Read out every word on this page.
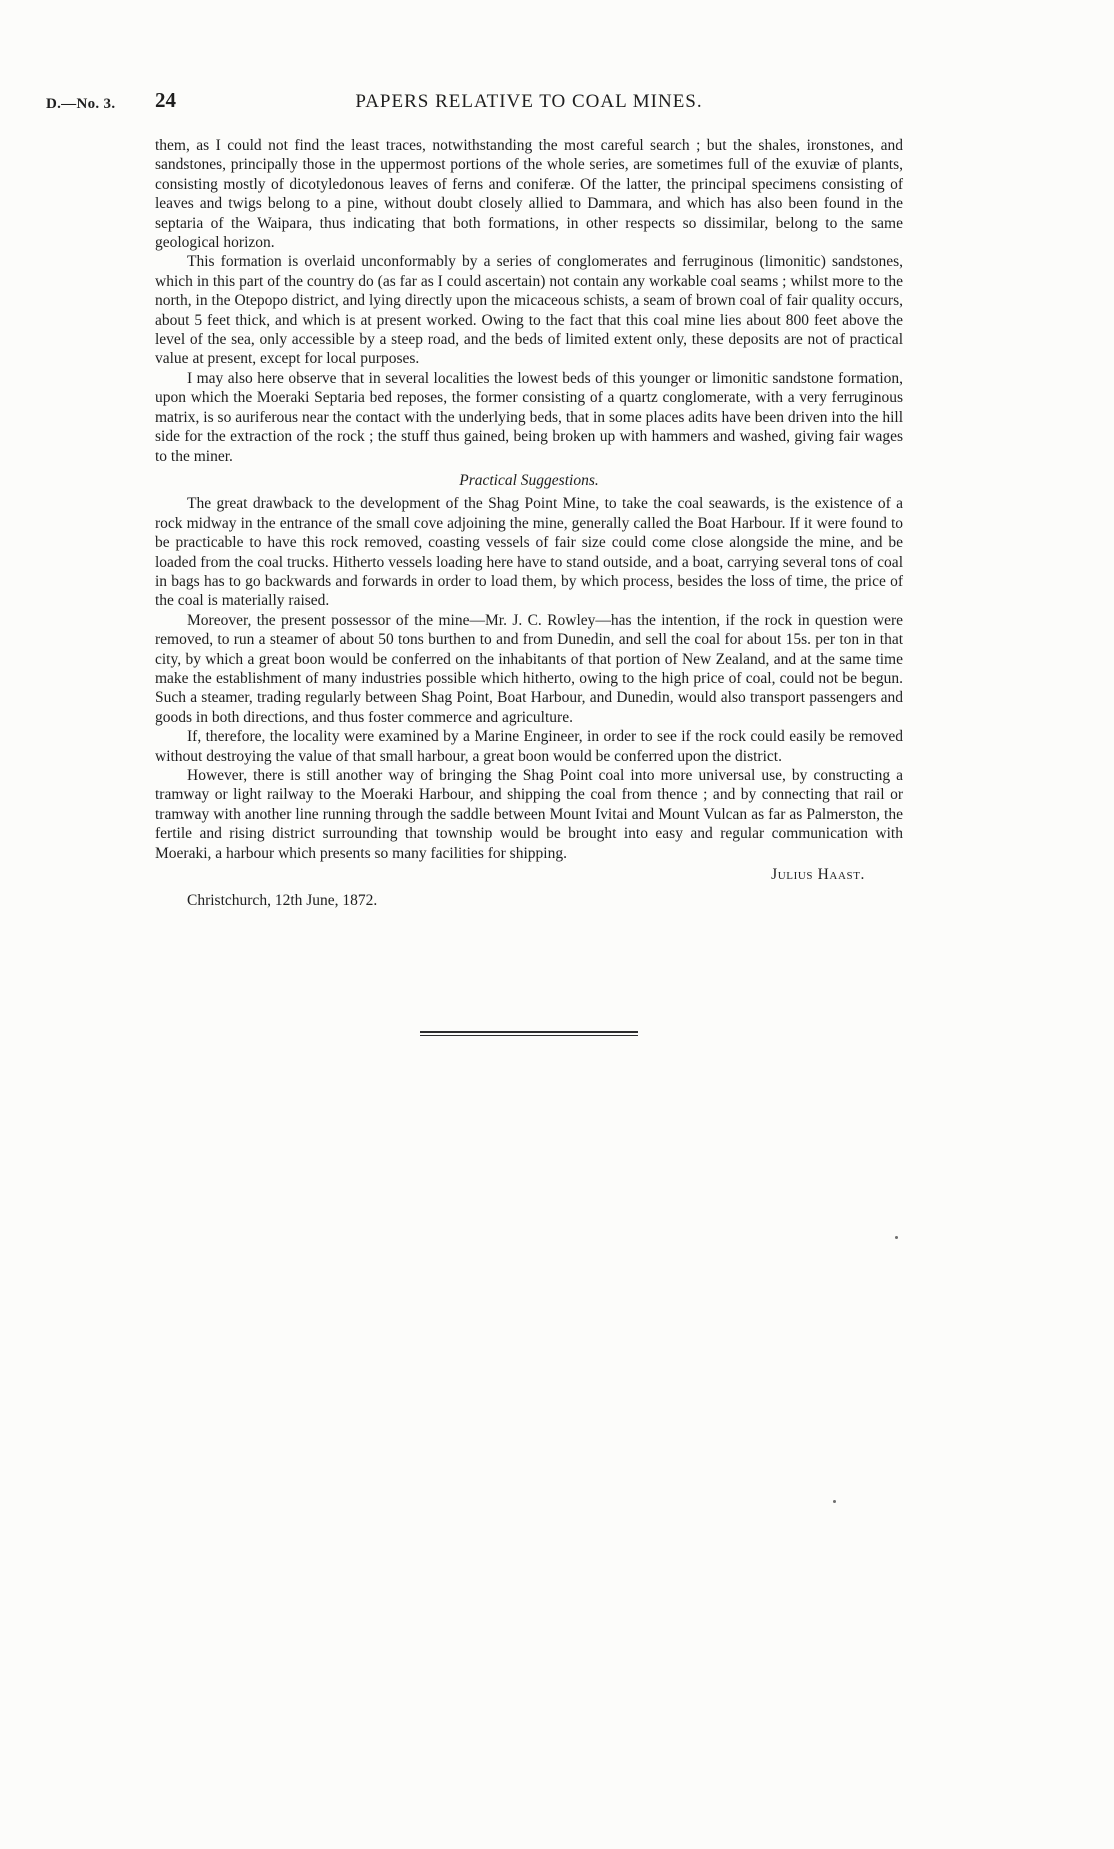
D.—No. 3. 24	PAPERS RELATIVE TO COAL MINES.

them, as I could not find the least traces, notwithstanding the most careful search ; but the shales, ironstones, and sandstones, principally those in the uppermost portions of the whole series, are sometimes full of the exuviæ of plants, consisting mostly of dicotyledonous leaves of ferns and coniferæ. Of the latter, the principal specimens consisting of leaves and twigs belong to a pine, without doubt closely allied to Dammara, and which has also been found in the septaria of the Waipara, thus indicating that both formations, in other respects so dissimilar, belong to the same geological horizon.

This formation is overlaid unconformably by a series of conglomerates and ferruginous (limonitic) sandstones, which in this part of the country do (as far as I could ascertain) not contain any workable coal seams ; whilst more to the north, in the Otepopo district, and lying directly upon the micaceous schists, a seam of brown coal of fair quality occurs, about 5 feet thick, and which is at present worked. Owing to the fact that this coal mine lies about 800 feet above the level of the sea, only accessible by a steep road, and the beds of limited extent only, these deposits are not of practical value at present, except for local purposes.

I may also here observe that in several localities the lowest beds of this younger or limonitic sandstone formation, upon which the Moeraki Septaria bed reposes, the former consisting of a quartz conglomerate, with a very ferruginous matrix, is so auriferous near the contact with the underlying beds, that in some places adits have been driven into the hill side for the extraction of the rock ; the stuff thus gained, being broken up with hammers and washed, giving fair wages to the miner.

Practical Suggestions.

The great drawback to the development of the Shag Point Mine, to take the coal seawards, is the existence of a rock midway in the entrance of the small cove adjoining the mine, generally called the Boat Harbour. If it were found to be practicable to have this rock removed, coasting vessels of fair size could come close alongside the mine, and be loaded from the coal trucks. Hitherto vessels loading here have to stand outside, and a boat, carrying several tons of coal in bags has to go backwards and forwards in order to load them, by which process, besides the loss of time, the price of the coal is materially raised.

Moreover, the present possessor of the mine—Mr. J. C. Rowley—has the intention, if the rock in question were removed, to run a steamer of about 50 tons burthen to and from Dunedin, and sell the coal for about 15s. per ton in that city, by which a great boon would be conferred on the inhabitants of that portion of New Zealand, and at the same time make the establishment of many industries possible which hitherto, owing to the high price of coal, could not be begun. Such a steamer, trading regularly between Shag Point, Boat Harbour, and Dunedin, would also transport passengers and goods in both directions, and thus foster commerce and agriculture.

If, therefore, the locality were examined by a Marine Engineer, in order to see if the rock could easily be removed without destroying the value of that small harbour, a great boon would be conferred upon the district.

However, there is still another way of bringing the Shag Point coal into more universal use, by constructing a tramway or light railway to the Moeraki Harbour, and shipping the coal from thence ; and by connecting that rail or tramway with another line running through the saddle between Mount Ivitai and Mount Vulcan as far as Palmerston, the fertile and rising district surrounding that township would be brought into easy and regular communication with Moeraki, a harbour which presents so many facilities for shipping.

Julius Haast.
Christchurch, 12th June, 1872.
